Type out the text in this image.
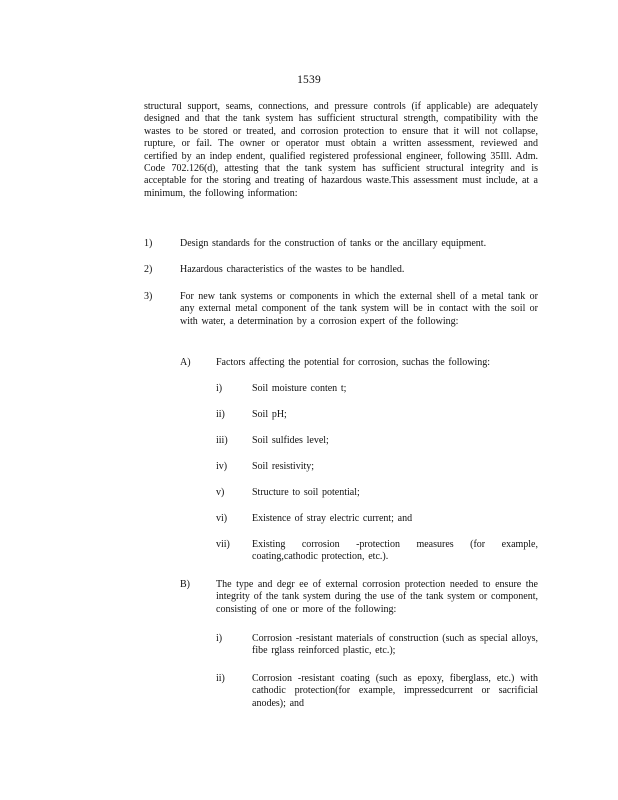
1539

structural support, seams, connections, and pressure controls (if applicable) are adequately designed and that the tank system has sufficient structural strength, compatibility with the wastes to be stored or treated, and corrosion protection to ensure that it will not collapse, rupture, or fail. The owner or operator must obtain a written assessment, reviewed and certified by an indep endent, qualified registered professional engineer, following 35Ill. Adm. Code 702.126(d), attesting that the tank system has sufficient structural integrity and is acceptable for the storing and treating of hazardous waste.This assessment must include, at a minimum, the following information:

1)	Design standards for the construction of tanks or the ancillary equipment.
2)	Hazardous characteristics of the wastes to be handled.
3)	For new tank systems or components in which the external shell of a metal tank or any external metal component of the tank system will be in contact with the soil or with water, a determination by a corrosion expert of the following:
A)	Factors affecting the potential for corrosion, suchas the following:
i)	Soil moisture conten t;
ii)	Soil pH;
iii) Soil sulfides level;
iv) Soil resistivity;
v)	Structure to soil potential;
vi) Existence of stray electric current; and
vii) Existing corrosion -protection measures (for example, coating,cathodic protection, etc.).
B)	The type and degr ee of external corrosion protection needed to ensure the integrity of the tank system during the use of the tank system or component, consisting of one or more of the following:
i)	Corrosion -resistant materials of construction (such as special alloys, fibe rglass reinforced plastic, etc.);
ii)	Corrosion -resistant coating (such as epoxy, fiberglass, etc.) with cathodic protection(for example, impressedcurrent or sacrificial anodes); and
